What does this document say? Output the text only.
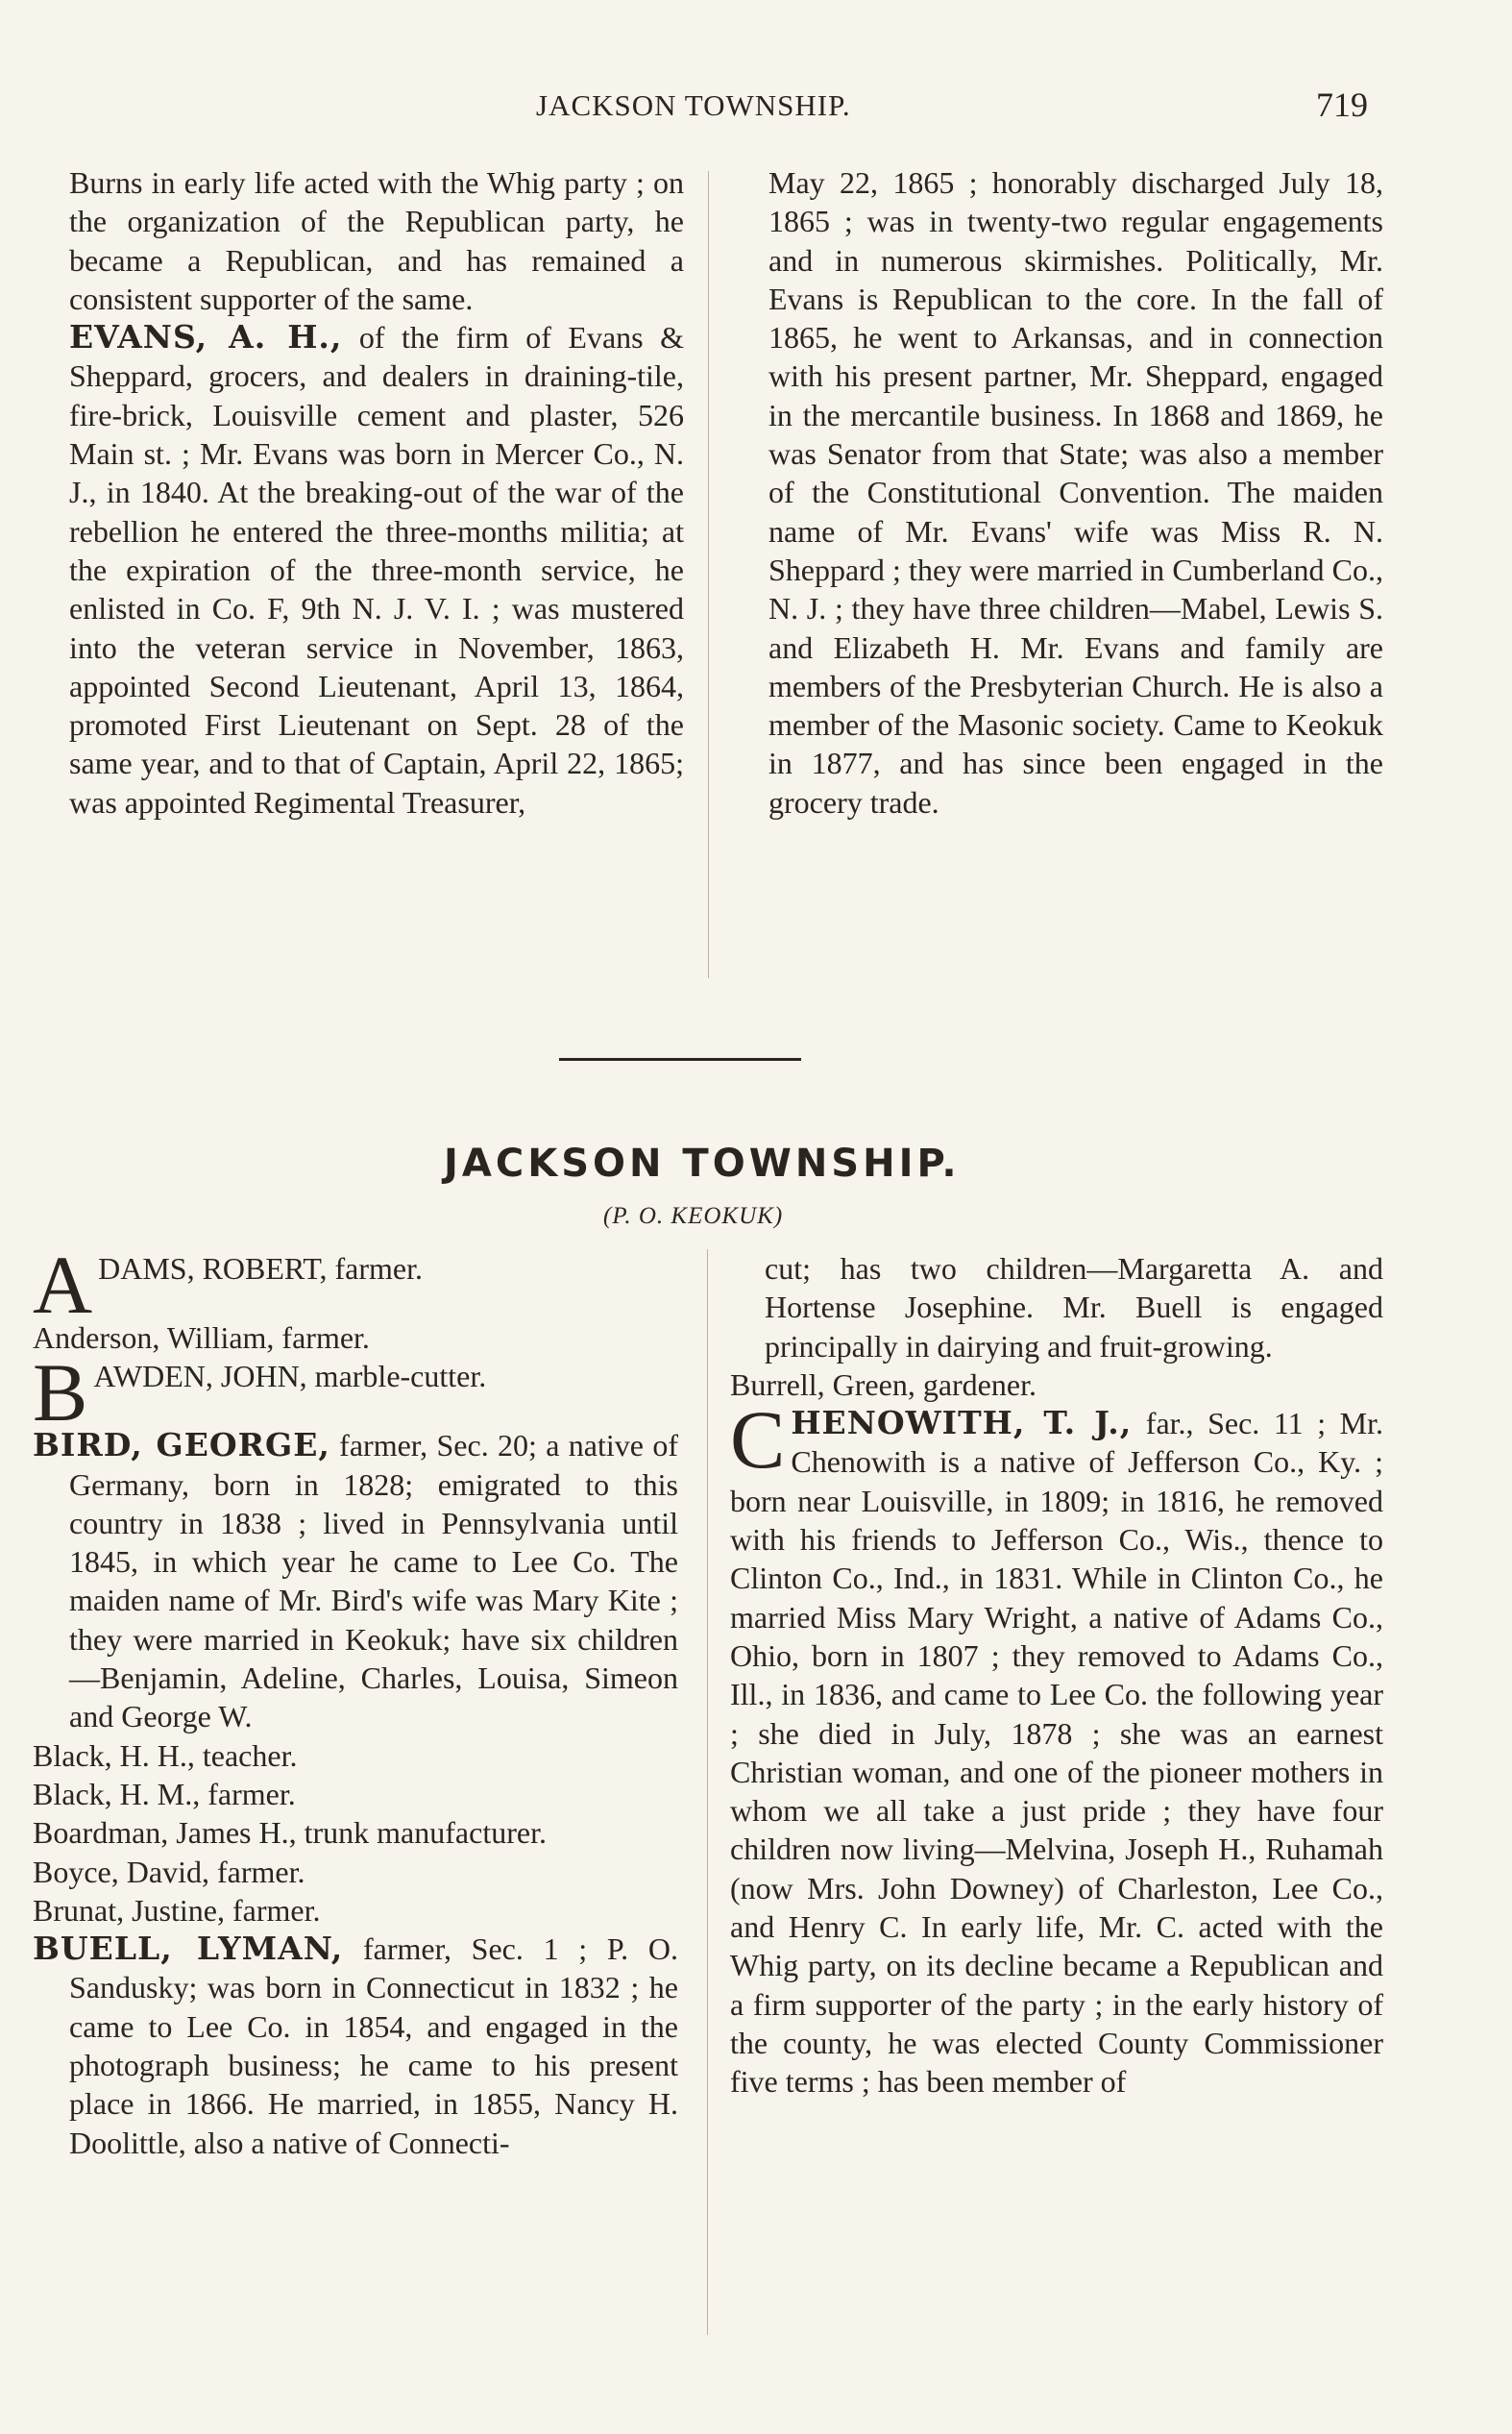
JACKSON TOWNSHIP.	719

Burns in early life acted with the Whig party ; on the organization of the Republican party, he became a Republican, and has remained a consistent supporter of the same.

EVANS, A. H., of the firm of Evans & Sheppard, grocers, and dealers in draining-tile, fire-brick, Louisville cement and plaster, 526 Main st. ; Mr. Evans was born in Mercer Co., N. J., in 1840. At the breaking-out of the war of the rebellion he entered the three-months militia; at the expiration of the three-month service, he enlisted in Co. F, 9th N. J. V. I. ; was mustered into the veteran service in November, 1863, appointed Second Lieutenant, April 13, 1864, promoted First Lieutenant on Sept. 28 of the same year, and to that of Captain, April 22, 1865; was appointed Regimental Treasurer,

May 22, 1865 ; honorably discharged July 18, 1865 ; was in twenty-two regular engagements and in numerous skirmishes. Politically, Mr. Evans is Republican to the core. In the fall of 1865, he went to Arkansas, and in connection with his present partner, Mr. Sheppard, engaged in the mercantile business. In 1868 and 1869, he was Senator from that State; was also a member of the Constitutional Convention. The maiden name of Mr. Evans' wife was Miss R. N. Sheppard ; they were married in Cumberland Co., N. J. ; they have three children—Mabel, Lewis S. and Elizabeth H. Mr. Evans and family are members of the Presbyterian Church. He is also a member of the Masonic society. Came to Keokuk in 1877, and has since been engaged in the grocery trade.

JACKSON TOWNSHIP.
(P. O. KEOKUK)

ADAMS, ROBERT, farmer.

Anderson, William, farmer.

BAWDEN, JOHN, marble-cutter.

BIRD, GEORGE, farmer, Sec. 20; a native of Germany, born in 1828; emigrated to this country in 1838 ; lived in Pennsylvania until 1845, in which year he came to Lee Co. The maiden name of Mr. Bird's wife was Mary Kite ; they were married in Keokuk; have six children—Benjamin, Adeline, Charles, Louisa, Simeon and George W.

Black, H. H., teacher.

Black, H. M., farmer.

Boardman, James H., trunk manufacturer.

Boyce, David, farmer.

Brunat, Justine, farmer.

BUELL, LYMAN, farmer, Sec. 1 ; P. O. Sandusky; was born in Connecticut in 1832 ; he came to Lee Co. in 1854, and engaged in the photograph business; he came to his present place in 1866. He married, in 1855, Nancy H. Doolittle, also a native of Connecti-

cut; has two children—Margaretta A. and Hortense Josephine. Mr. Buell is engaged principally in dairying and fruit-growing.

Burrell, Green, gardener.

CHENOWITH, T. J., far., Sec. 11 ; Mr. Chenowith is a native of Jefferson Co., Ky. ; born near Louisville, in 1809; in 1816, he removed with his friends to Jefferson Co., Wis., thence to Clinton Co., Ind., in 1831. While in Clinton Co., he married Miss Mary Wright, a native of Adams Co., Ohio, born in 1807 ; they removed to Adams Co., Ill., in 1836, and came to Lee Co. the following year ; she died in July, 1878 ; she was an earnest Christian woman, and one of the pioneer mothers in whom we all take a just pride ; they have four children now living—Melvina, Joseph H., Ruhamah (now Mrs. John Downey) of Charleston, Lee Co., and Henry C. In early life, Mr. C. acted with the Whig party, on its decline became a Republican and a firm supporter of the party ; in the early history of the county, he was elected County Commissioner five terms ; has been member of
